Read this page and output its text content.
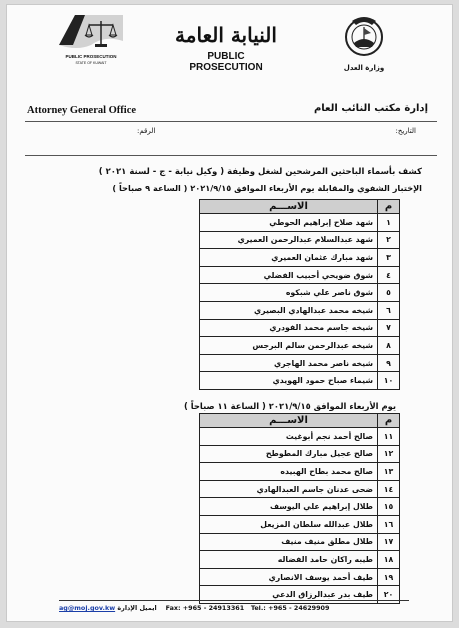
PUBLIC PROSECUTION
STATE OF KUWAIT
النيابة العامة
PUBLIC PROSECUTION	وزارة العدل
Attorney General Office	إدارة مكتب النائب العام
التاريخ:
الرقم:
كشف بأسماء الباحثين المرشحين لشغل وظيفة ( وكيل نيابة - ج - لسنة ٢٠٢١ )
الإختبار الشفوي والمقابلة يوم الأربعاء الموافق ٢٠٢١/٩/١٥ ( الساعة ٩ صباحاً )
م	الاســـم
١	شهد صلاح إبراهيم الحوطي
٢	شهد عبدالسلام عبدالرحمن العميري
٣	شهد مبارك عثمان العميري
٤	شوق ضويحي أحبيب الفضلي
٥	شوق ناصر علي شبكوه
٦	شيخه محمد عبدالهادي البصيري
٧	شيخه جاسم محمد الفودري
٨	شيخه عبدالرحمن سالم البرجس
٩	شيخه ناصر محمد الهاجري
١٠	شيماء صباح حمود الهويدي
يوم الأربعاء الموافق ٢٠٢١/٩/١٥ ( الساعة ١١ صباحاً )
م	الاســـم
١١	صالح أحمد نجم أبوغيث
١٢	صالح عجيل مبارك المطوطح
١٣	صالح محمد بطاح الهبيده
١٤	ضحى عدنان جاسم العبدالهادي
١٥	طلال إبراهيم علي اليوسف
١٦	طلال عبدالله سلطان المزيعل
١٧	طلال مطلق منيف منيف
١٨	طيبه راكان حامد الفضاله
١٩	طيف أحمد يوسف الانصاري
٢٠	طيف بدر عبدالرزاق الدعي
ag@moj.gov.kw ايميل الإدارة Fax: +965 - 24913361 Tel.: +965 - 24629909
